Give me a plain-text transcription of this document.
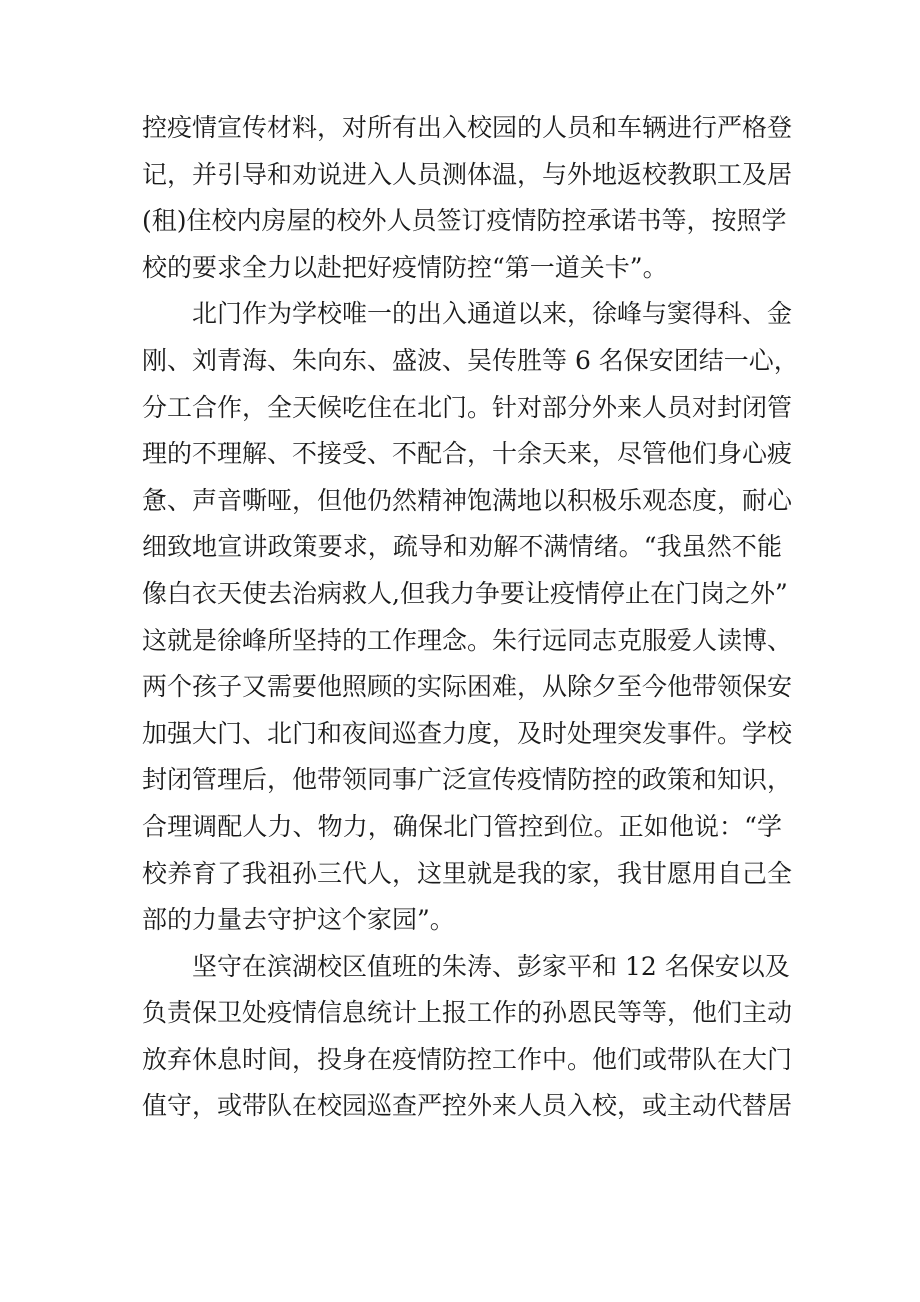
控疫情宣传材料，对所有出入校园的人员和车辆进行严格登
记，并引导和劝说进入人员测体温，与外地返校教职工及居
(租)住校内房屋的校外人员签订疫情防控承诺书等，按照学
校的要求全力以赴把好疫情防控“第一道关卡”。
北门作为学校唯一的出入通道以来，徐峰与窦得科、金
刚、刘青海、朱向东、盛波、吴传胜等 6 名保安团结一心，
分工合作，全天候吃住在北门。针对部分外来人员对封闭管
理的不理解、不接受、不配合，十余天来，尽管他们身心疲
惫、声音嘶哑，但他仍然精神饱满地以积极乐观态度，耐心
细致地宣讲政策要求，疏导和劝解不满情绪。“我虽然不能
像白衣天使去治病救人,但我力争要让疫情停止在门岗之外”
这就是徐峰所坚持的工作理念。朱行远同志克服爱人读博、
两个孩子又需要他照顾的实际困难，从除夕至今他带领保安
加强大门、北门和夜间巡查力度，及时处理突发事件。学校
封闭管理后，他带领同事广泛宣传疫情防控的政策和知识，
合理调配人力、物力，确保北门管控到位。正如他说：“学
校养育了我祖孙三代人，这里就是我的家，我甘愿用自己全
部的力量去守护这个家园”。
坚守在滨湖校区值班的朱涛、彭家平和 12 名保安以及
负责保卫处疫情信息统计上报工作的孙恩民等等，他们主动
放弃休息时间，投身在疫情防控工作中。他们或带队在大门
值守，或带队在校园巡查严控外来人员入校，或主动代替居
